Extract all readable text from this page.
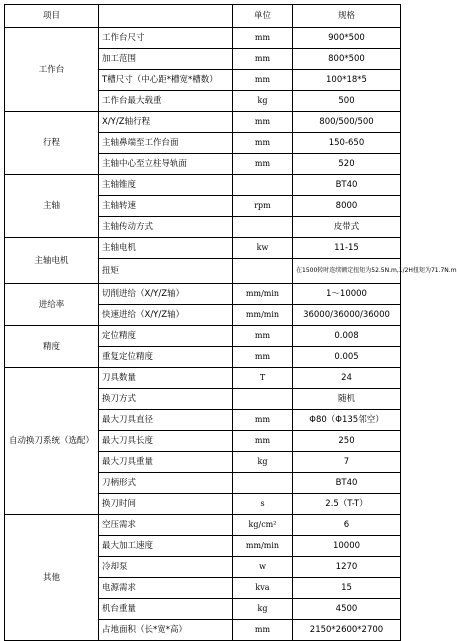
项目		单位	规格
工作台	工作台尺寸	mm	900*500
	加工范围	mm	800*500
	T槽尺寸（中心距*槽宽*槽数）	mm	100*18*5
	工作台最大载重	kg	500
行程	X/Y/Z轴行程	mm	800/500/500
	主轴鼻端至工作台面	mm	150-650
	主轴中心至立柱导轨面	mm	520
主轴	主轴锥度		BT40
	主轴转速	rpm	8000
	主轴传动方式		皮带式
主轴电机	主轴电机	kw	11-15
	扭矩		在1500转时连续额定扭矩为52.5N.m,1/2H扭矩为71.7N.m
进给率	切削进给（X/Y/Z轴）	mm/min	1～10000
	快速进给（X/Y/Z轴）	mm/min	36000/36000/36000
精度	定位精度	mm	0.008
	重复定位精度	mm	0.005
自动换刀系统（选配）	刀具数量	T	24
	换刀方式		随机
	最大刀具直径	mm	Φ80（Φ135邻空）
	最大刀具长度	mm	250
	最大刀具重量	kg	7
	刀柄形式		BT40
	换刀时间	s	2.5（T-T）
其他	空压需求	kg/cm²	6
	最大加工速度	mm/min	10000
	冷却泵	w	1270
	电源需求	kva	15
	机台重量	kg	4500
	占地面积（长*宽*高）	mm	2150*2600*2700
